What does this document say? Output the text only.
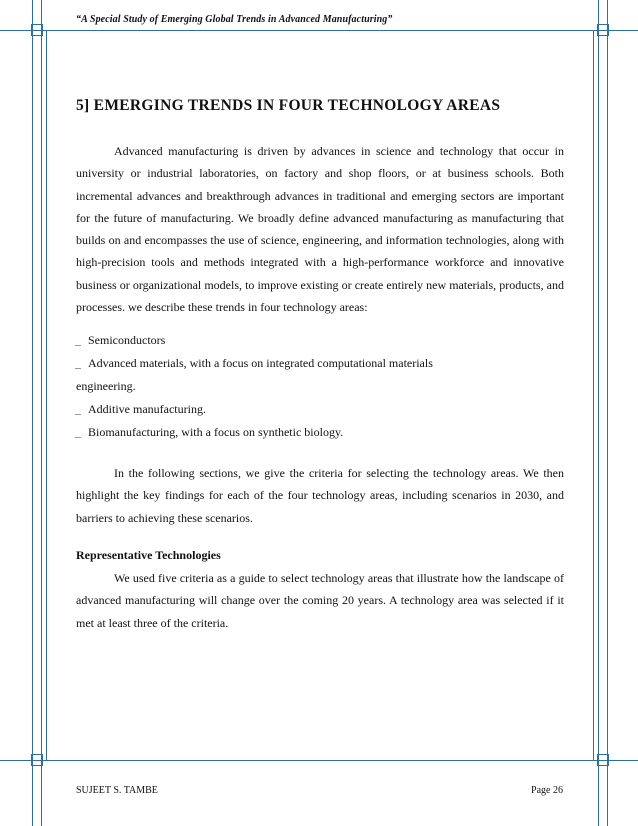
“A Special Study of Emerging Global Trends in Advanced Manufacturing”
5] EMERGING TRENDS IN FOUR TECHNOLOGY AREAS

Advanced manufacturing is driven by advances in science and technology that occur in university or industrial laboratories, on factory and shop floors, or at business schools. Both incremental advances and breakthrough advances in traditional and emerging sectors are important for the future of manufacturing. We broadly define advanced manufacturing as manufacturing that builds on and encompasses the use of science, engineering, and information technologies, along with high-precision tools and methods integrated with a high-performance workforce and innovative business or organizational models, to improve existing or create entirely new materials, products, and processes. we describe these trends in four technology areas:

Semiconductors
Advanced materials, with a focus on integrated computational materials
engineering.
Additive manufacturing.
Biomanufacturing, with a focus on synthetic biology.

In the following sections, we give the criteria for selecting the technology areas. We then highlight the key findings for each of the four technology areas, including scenarios in 2030, and barriers to achieving these scenarios.

Representative Technologies

We used five criteria as a guide to select technology areas that illustrate how the landscape of advanced manufacturing will change over the coming 20 years. A technology area was selected if it met at least three of the criteria.

SUJEET S. TAMBE	Page 26
